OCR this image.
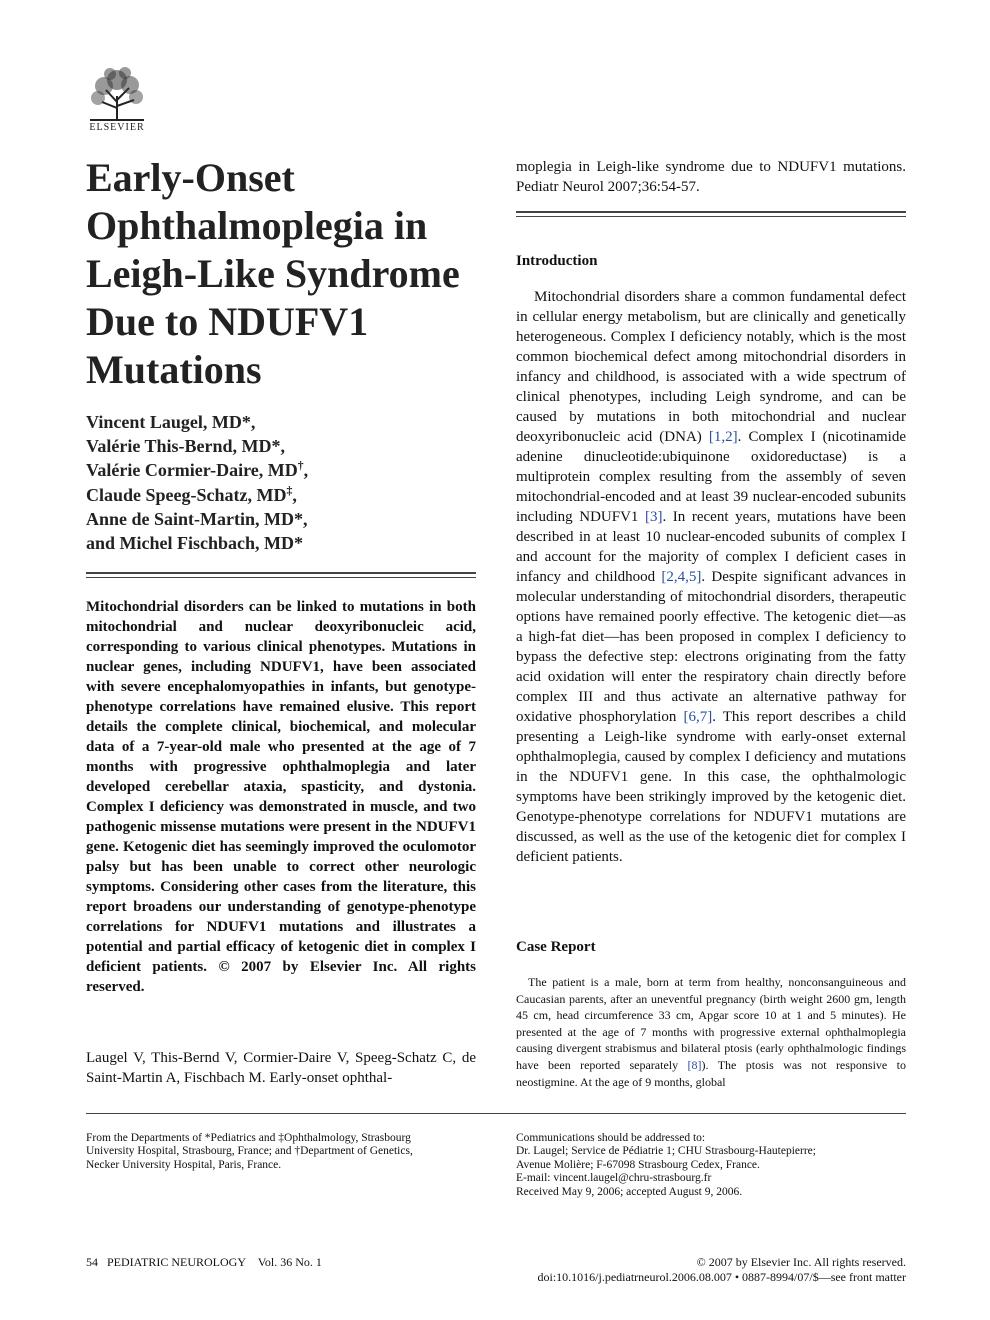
ELSEVIER
Early-Onset Ophthalmoplegia in Leigh-Like Syndrome Due to NDUFV1 Mutations
Vincent Laugel, MD*,
Valérie This-Bernd, MD*,
Valérie Cormier-Daire, MD†,
Claude Speeg-Schatz, MD‡,
Anne de Saint-Martin, MD*,
and Michel Fischbach, MD*

Mitochondrial disorders can be linked to mutations in both mitochondrial and nuclear deoxyribonucleic acid, corresponding to various clinical phenotypes. Mutations in nuclear genes, including NDUFV1, have been associated with severe encephalomyopathies in infants, but genotype-phenotype correlations have remained elusive. This report details the complete clinical, biochemical, and molecular data of a 7-year-old male who presented at the age of 7 months with progressive ophthalmoplegia and later developed cerebellar ataxia, spasticity, and dystonia. Complex I deficiency was demonstrated in muscle, and two pathogenic missense mutations were present in the NDUFV1 gene. Ketogenic diet has seemingly improved the oculomotor palsy but has been unable to correct other neurologic symptoms. Considering other cases from the literature, this report broadens our understanding of genotype-phenotype correlations for NDUFV1 mutations and illustrates a potential and partial efficacy of ketogenic diet in complex I deficient patients. © 2007 by Elsevier Inc. All rights reserved.

Laugel V, This-Bernd V, Cormier-Daire V, Speeg-Schatz C, de Saint-Martin A, Fischbach M. Early-onset ophthal-

moplegia in Leigh-like syndrome due to NDUFV1 mutations. Pediatr Neurol 2007;36:54-57.

Introduction

Mitochondrial disorders share a common fundamental defect in cellular energy metabolism, but are clinically and genetically heterogeneous. Complex I deficiency notably, which is the most common biochemical defect among mitochondrial disorders in infancy and childhood, is associated with a wide spectrum of clinical phenotypes, including Leigh syndrome, and can be caused by mutations in both mitochondrial and nuclear deoxyribonucleic acid (DNA) [1,2]. Complex I (nicotinamide adenine dinucleotide:ubiquinone oxidoreductase) is a multiprotein complex resulting from the assembly of seven mitochondrial-encoded and at least 39 nuclear-encoded subunits including NDUFV1 [3]. In recent years, mutations have been described in at least 10 nuclear-encoded subunits of complex I and account for the majority of complex I deficient cases in infancy and childhood [2,4,5]. Despite significant advances in molecular understanding of mitochondrial disorders, therapeutic options have remained poorly effective. The ketogenic diet—as a high-fat diet—has been proposed in complex I deficiency to bypass the defective step: electrons originating from the fatty acid oxidation will enter the respiratory chain directly before complex III and thus activate an alternative pathway for oxidative phosphorylation [6,7]. This report describes a child presenting a Leigh-like syndrome with early-onset external ophthalmoplegia, caused by complex I deficiency and mutations in the NDUFV1 gene. In this case, the ophthalmologic symptoms have been strikingly improved by the ketogenic diet. Genotype-phenotype correlations for NDUFV1 mutations are discussed, as well as the use of the ketogenic diet for complex I deficient patients.

Case Report

The patient is a male, born at term from healthy, nonconsanguineous and Caucasian parents, after an uneventful pregnancy (birth weight 2600 gm, length 45 cm, head circumference 33 cm, Apgar score 10 at 1 and 5 minutes). He presented at the age of 7 months with progressive external ophthalmoplegia causing divergent strabismus and bilateral ptosis (early ophthalmologic findings have been reported separately [8]). The ptosis was not responsive to neostigmine. At the age of 9 months, global

From the Departments of *Pediatrics and ‡Ophthalmology, Strasbourg
University Hospital, Strasbourg, France; and †Department of Genetics,
Necker University Hospital, Paris, France.
Communications should be addressed to:
Dr. Laugel; Service de Pédiatrie 1; CHU Strasbourg-Hautepierre;
Avenue Molière; F-67098 Strasbourg Cedex, France.
E-mail: vincent.laugel@chru-strasbourg.fr
Received May 9, 2006; accepted August 9, 2006.
54 PEDIATRIC NEUROLOGY Vol. 36 No. 1	© 2007 by Elsevier Inc. All rights reserved.
doi:10.1016/j.pediatrneurol.2006.08.007 • 0887-8994/07/$—see front matter
